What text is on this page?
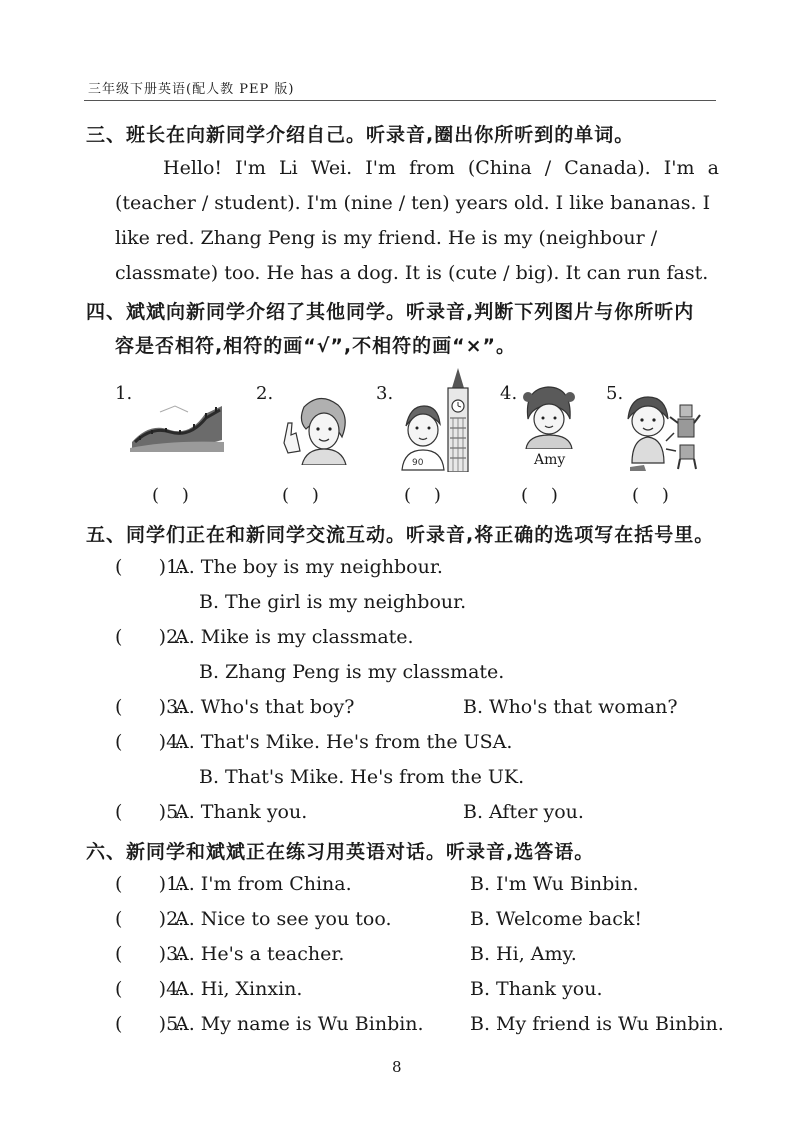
三年级下册英语(配人教 PEP 版)
三、班长在向新同学介绍自己。听录音,圈出你所听到的单词。
Hello! I'm Li Wei. I'm from (China / Canada). I'm a
(teacher / student). I'm (nine / ten) years old. I like bananas. I
like red. Zhang Peng is my friend. He is my (neighbour /
classmate) too. He has a dog. It is (cute / big). It can run fast.
四、斌斌向新同学介绍了其他同学。听录音,判断下列图片与你所听内
容是否相符,相符的画“√”,不相符的画“×”。
1.
(    )
2.
(    )
3.
90
(    )
4.
Amy
(    )
5.
(    )
五、同学们正在和新同学交流互动。听录音,将正确的选项写在括号里。
(      )1.
A. The boy is my neighbour.
B. The girl is my neighbour.
(      )2.
A. Mike is my classmate.
B. Zhang Peng is my classmate.
(      )3.
A. Who's that boy?	B. Who's that woman?
(      )4.
A. That's Mike. He's from the USA.
B. That's Mike. He's from the UK.
(      )5.
A. Thank you.	B. After you.
六、新同学和斌斌正在练习用英语对话。听录音,选答语。
(      )1.
A. I'm from China.	B. I'm Wu Binbin.
(      )2.
A. Nice to see you too.	B. Welcome back!
(      )3.
A. He's a teacher.	B. Hi, Amy.
(      )4.
A. Hi, Xinxin.	B. Thank you.
(      )5.
A. My name is Wu Binbin. B. My friend is Wu Binbin.
8
